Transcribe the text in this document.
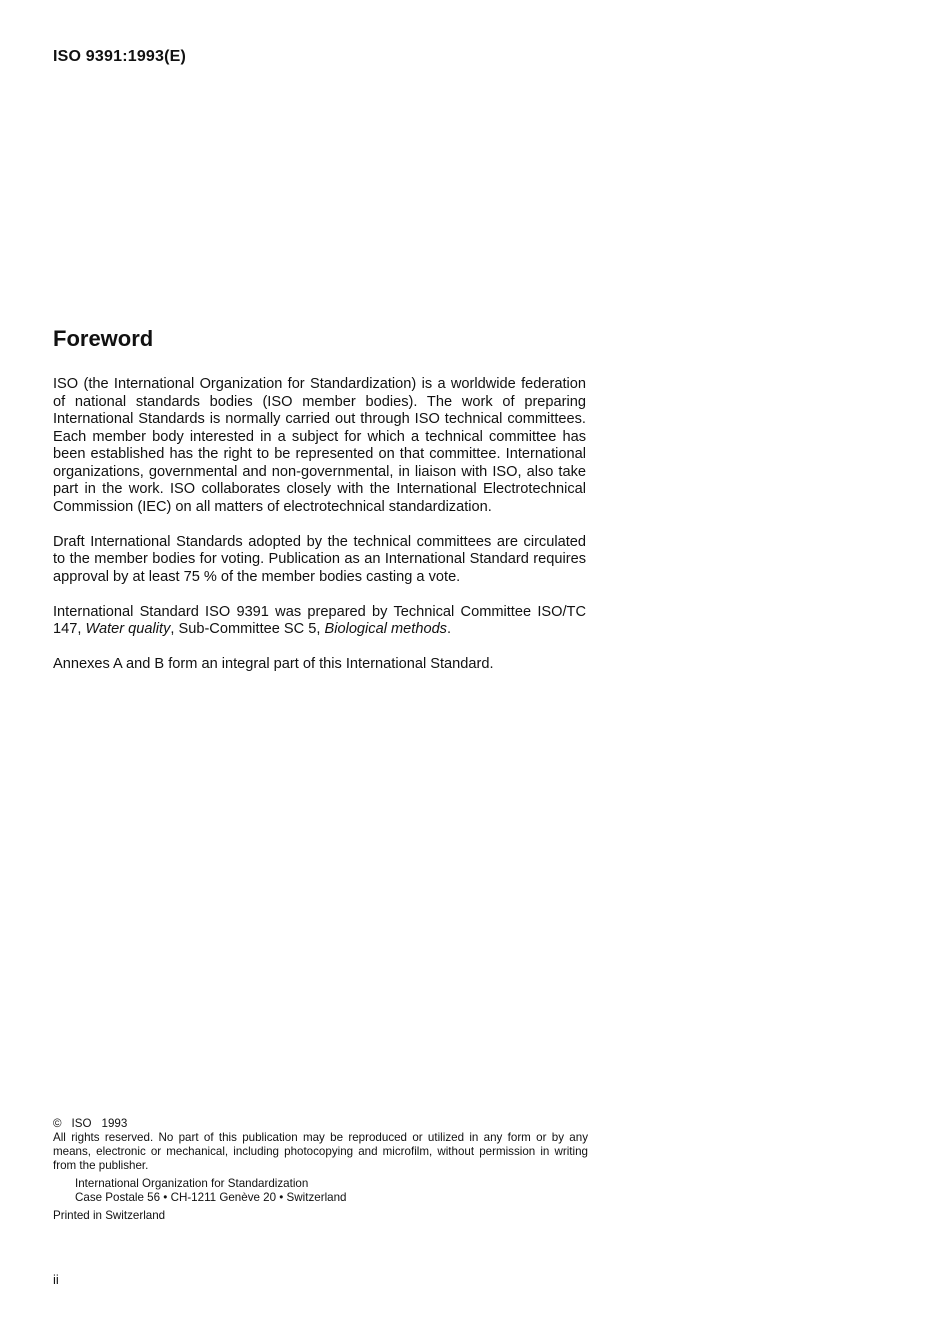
ISO 9391:1993(E)
Foreword

ISO (the International Organization for Standardization) is a worldwide federation of national standards bodies (ISO member bodies). The work of preparing International Standards is normally carried out through ISO technical committees. Each member body interested in a subject for which a technical committee has been established has the right to be represented on that committee. International organizations, governmental and non-governmental, in liaison with ISO, also take part in the work. ISO collaborates closely with the International Electrotechnical Commission (IEC) on all matters of electrotechnical standardization.

Draft International Standards adopted by the technical committees are circulated to the member bodies for voting. Publication as an International Standard requires approval by at least 75 % of the member bodies casting a vote.

International Standard ISO 9391 was prepared by Technical Committee ISO/TC 147, Water quality, Sub-Committee SC 5, Biological methods.

Annexes A and B form an integral part of this International Standard.

© ISO 1993

All rights reserved. No part of this publication may be reproduced or utilized in any form or by any means, electronic or mechanical, including photocopying and microfilm, without permission in writing from the publisher.

International Organization for Standardization

Case Postale 56 • CH-1211 Genève 20 • Switzerland

Printed in Switzerland

ii
